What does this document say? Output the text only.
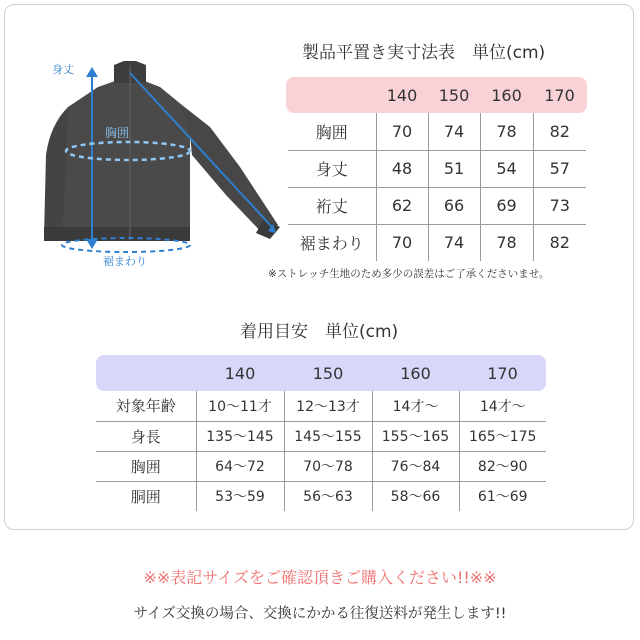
身丈
胸囲
裾まわり
製品平置き実寸法表　単位(cm)
	140	150	160	170
胸囲	70	74	78	82
身丈	48	51	54	57
裄丈	62	66	69	73
裾まわり	70	74	78	82
※ストレッチ生地のため多少の誤差はご了承くださいませ。
着用目安　単位(cm)
	140	150	160	170
対象年齢	10〜11才	12〜13才	14才〜	14才〜
身長	135〜145	145〜155	155〜165	165〜175
胸囲	64〜72	70〜78	76〜84	82〜90
胴囲	53〜59	56〜63	58〜66	61〜69
※※表記サイズをご確認頂きご購入ください!!※※
サイズ交換の場合、交換にかかる往復送料が発生します!!
